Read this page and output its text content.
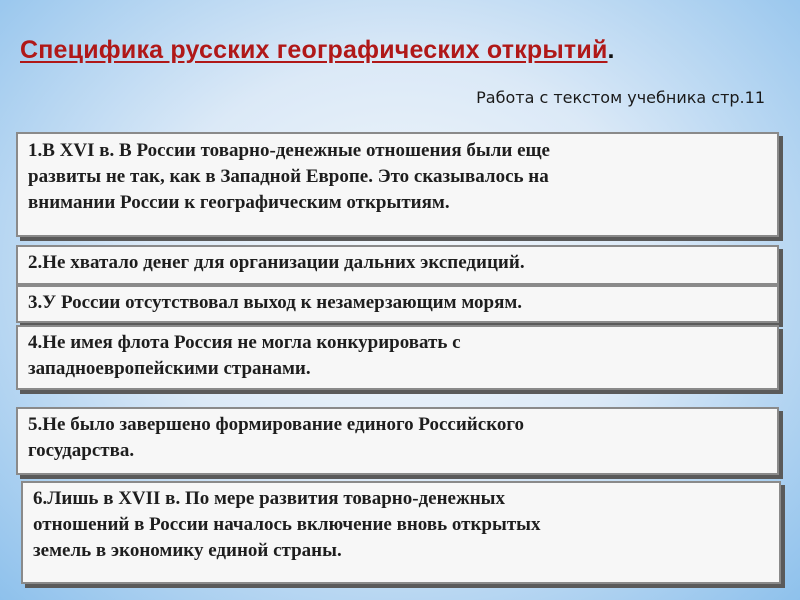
Специфика русских географических открытий.
Работа с текстом учебника стр.11
1.В XVI в. В России товарно-денежные отношения были еще
развиты не так, как в Западной Европе. Это сказывалось на
внимании России к географическим открытиям.
2.Не хватало денег для организации дальних экспедиций.
3.У России отсутствовал выход к незамерзающим морям.
4.Не имея флота Россия не могла конкурировать с
западноевропейскими странами.
5.Не было завершено формирование единого Российского
государства.
6.Лишь в XVII в. По мере развития товарно-денежных
отношений в России началось включение вновь открытых
земель в экономику единой страны.
